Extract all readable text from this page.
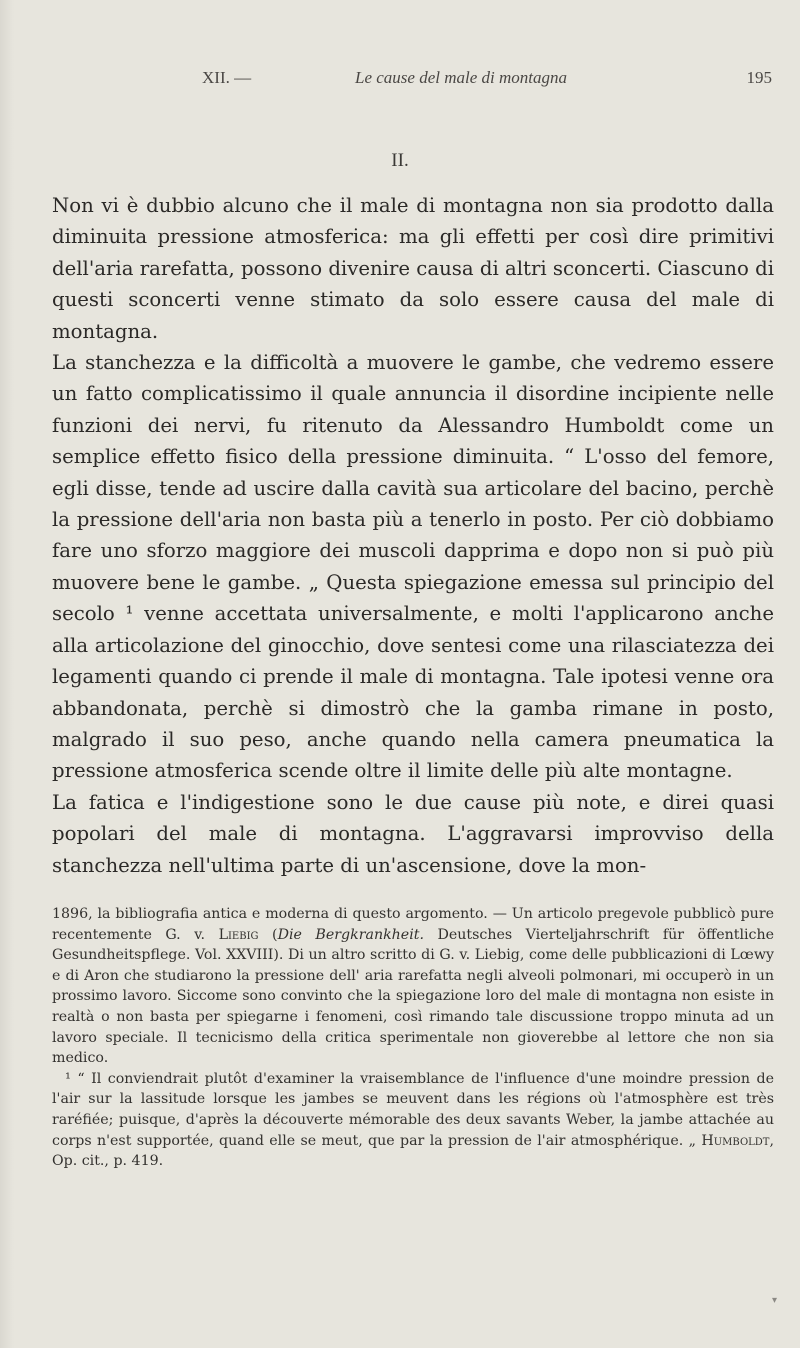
XII. —	Le cause del male di montagna	195
II.

Non vi è dubbio alcuno che il male di montagna non sia prodotto dalla diminuita pressione atmosferica: ma gli effetti per così dire primitivi dell'aria rarefatta, possono divenire causa di altri sconcerti. Ciascuno di questi sconcerti venne stimato da solo essere causa del male di montagna.

La stanchezza e la difficoltà a muovere le gambe, che vedremo essere un fatto complicatissimo il quale annuncia il disordine incipiente nelle funzioni dei nervi, fu ritenuto da Alessandro Humboldt come un semplice effetto fisico della pressione diminuita. “ L'osso del femore, egli disse, tende ad uscire dalla cavità sua articolare del bacino, perchè la pressione dell'aria non basta più a tenerlo in posto. Per ciò dobbiamo fare uno sforzo maggiore dei muscoli dapprima e dopo non si può più muovere bene le gambe. „ Questa spiegazione emessa sul principio del secolo ¹ venne accettata universalmente, e molti l'applicarono anche alla articolazione del ginocchio, dove sentesi come una rilasciatezza dei legamenti quando ci prende il male di montagna. Tale ipotesi venne ora abbandonata, perchè si dimostrò che la gamba rimane in posto, malgrado il suo peso, anche quando nella camera pneumatica la pressione atmosferica scende oltre il limite delle più alte montagne.

La fatica e l'indigestione sono le due cause più note, e direi quasi popolari del male di montagna. L'aggravarsi improvviso della stanchezza nell'ultima parte di un'ascensione, dove la mon-

1896, la bibliografia antica e moderna di questo argomento. — Un articolo pregevole pubblicò pure recentemente G. v. Liebig (Die Bergkrankheit. Deutsches Vierteljahrschrift für öffentliche Gesundheitspflege. Vol. XXVIII). Di un altro scritto di G. v. Liebig, come delle pubblicazioni di Lœwy e di Aron che studiarono la pressione dell' aria rarefatta negli alveoli polmonari, mi occuperò in un prossimo lavoro. Siccome sono convinto che la spiegazione loro del male di montagna non esiste in realtà o non basta per spiegarne i fenomeni, così rimando tale discussione troppo minuta ad un lavoro speciale. Il tecnicismo della critica sperimentale non gioverebbe al lettore che non sia medico.

¹ “ Il conviendrait plutôt d'examiner la vraisemblance de l'influence d'une moindre pression de l'air sur la lassitude lorsque les jambes se meuvent dans les régions où l'atmosphère est très raréfiée; puisque, d'après la découverte mémorable des deux savants Weber, la jambe attachée au corps n'est supportée, quand elle se meut, que par la pression de l'air atmosphérique. „ Humboldt, Op. cit., p. 419.

▾
